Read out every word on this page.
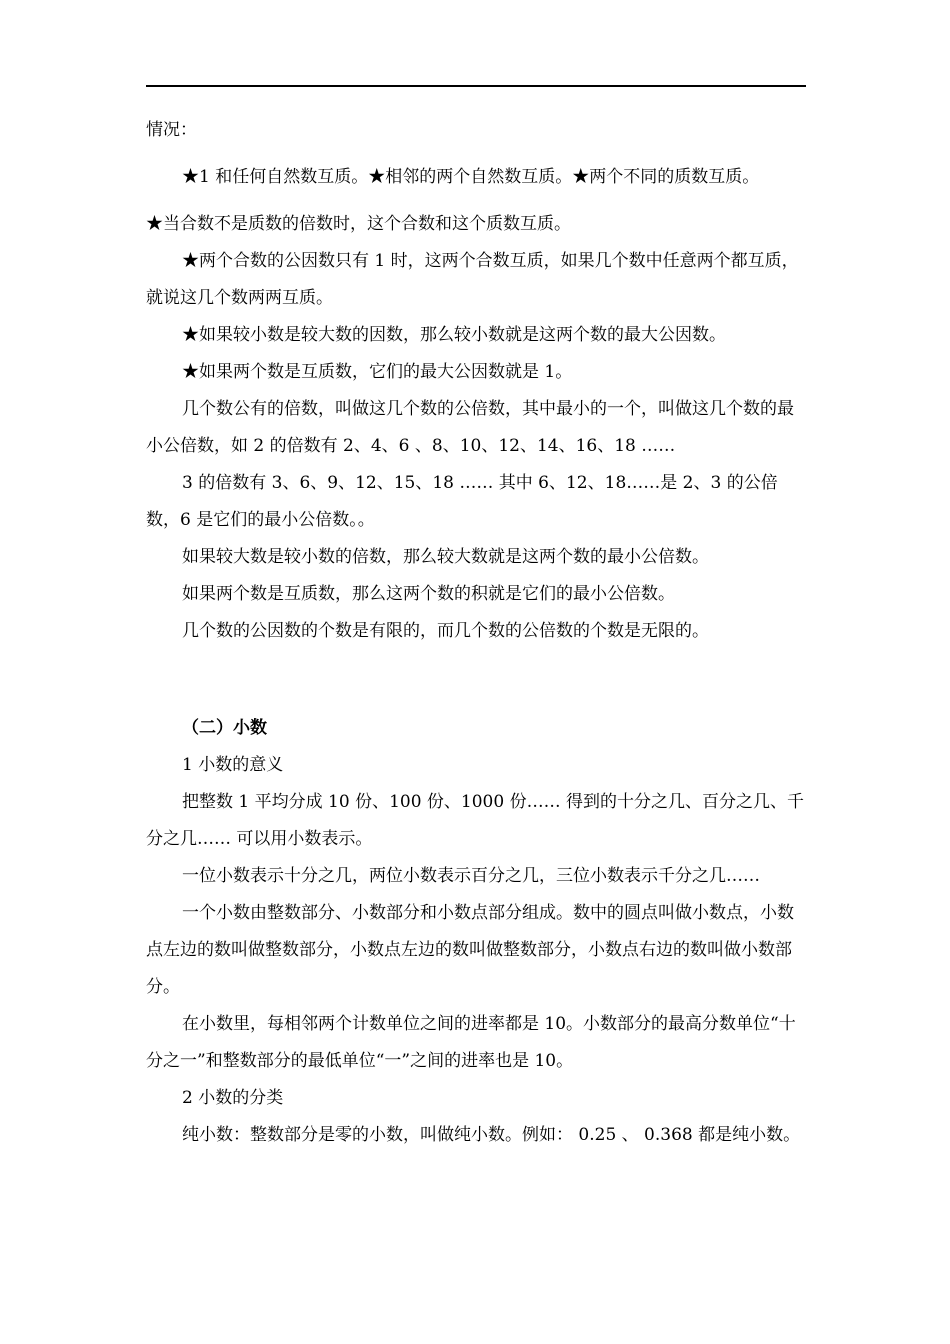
情况：

★1 和任何自然数互质。★相邻的两个自然数互质。★两个不同的质数互质。

★当合数不是质数的倍数时，这个合数和这个质数互质。

★两个合数的公因数只有 1 时，这两个合数互质，如果几个数中任意两个都互质，就说这几个数两两互质。

★如果较小数是较大数的因数，那么较小数就是这两个数的最大公因数。

★如果两个数是互质数，它们的最大公因数就是 1。

几个数公有的倍数，叫做这几个数的公倍数，其中最小的一个，叫做这几个数的最小公倍数，如 2 的倍数有 2、4、6 、8、10、12、14、16、18 ……

3 的倍数有 3、6、9、12、15、18 …… 其中 6、12、18……是 2、3 的公倍数，6 是它们的最小公倍数。。

如果较大数是较小数的倍数，那么较大数就是这两个数的最小公倍数。

如果两个数是互质数，那么这两个数的积就是它们的最小公倍数。

几个数的公因数的个数是有限的，而几个数的公倍数的个数是无限的。

（二）小数

1 小数的意义

把整数 1 平均分成 10 份、100 份、1000 份…… 得到的十分之几、百分之几、千分之几…… 可以用小数表示。

一位小数表示十分之几，两位小数表示百分之几，三位小数表示千分之几……

一个小数由整数部分、小数部分和小数点部分组成。数中的圆点叫做小数点，小数点左边的数叫做整数部分，小数点左边的数叫做整数部分，小数点右边的数叫做小数部分。

在小数里，每相邻两个计数单位之间的进率都是 10。小数部分的最高分数单位“十分之一”和整数部分的最低单位“一”之间的进率也是 10。

2 小数的分类

纯小数：整数部分是零的小数，叫做纯小数。例如： 0.25 、 0.368 都是纯小数。
